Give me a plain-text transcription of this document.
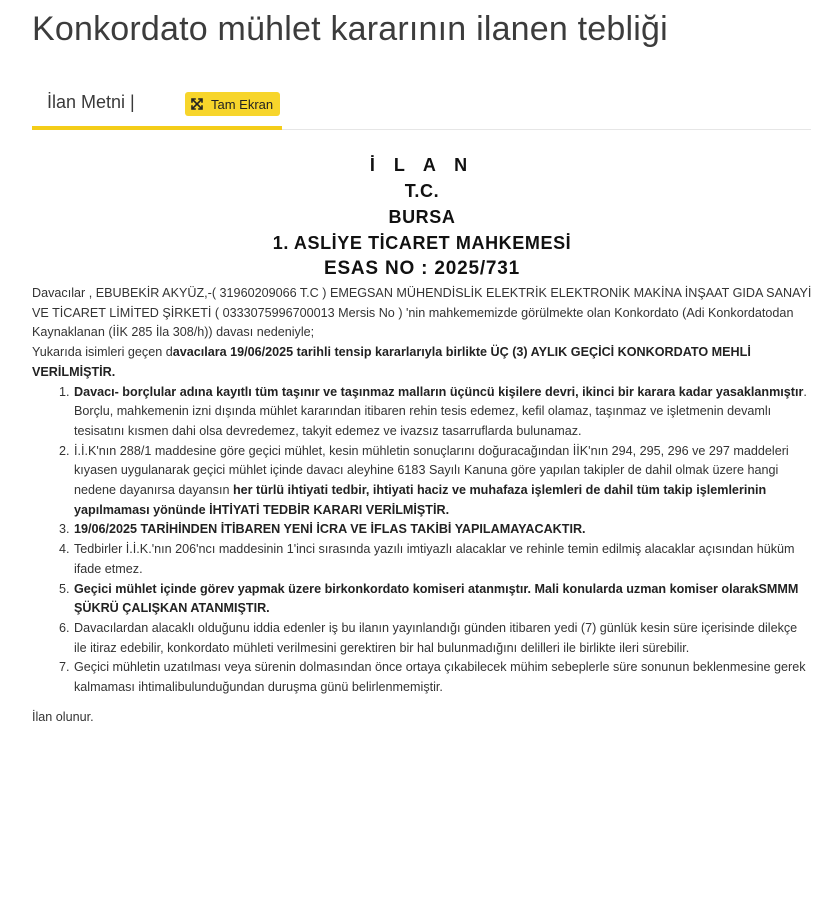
Konkordato mühlet kararının ilanen tebliği
İlan Metni |	Tam Ekran
İ L A N
T.C.
BURSA
1. ASLİYE TİCARET MAHKEMESİ
ESAS NO : 2025/731

Davacılar , EBUBEKİR AKYÜZ,-( 31960209066 T.C ) EMEGSAN MÜHENDİSLİK ELEKTRİK ELEKTRONİK MAKİNA İNŞAAT GIDA SANAYİ VE TİCARET LİMİTED ŞİRKETİ ( 0333075996700013 Mersis No ) 'nin mahkememizde görülmekte olan Konkordato (Adi Konkordatodan Kaynaklanan (İİK 285 İla 308/h)) davası nedeniyle;

Yukarıda isimleri geçen davacılara 19/06/2025 tarihli tensip kararlarıyla birlikte ÜÇ (3) AYLIK GEÇİCİ KONKORDATO MEHLİ VERİLMİŞTİR.

1. Davacı- borçlular adına kayıtlı tüm taşınır ve taşınmaz malların üçüncü kişilere devri, ikinci bir karara kadar yasaklanmıştır. Borçlu, mahkemenin izni dışında mühlet kararından itibaren rehin tesis edemez, kefil olamaz, taşınmaz ve işletmenin devamlı tesisatını kısmen dahi olsa devredemez, takyit edemez ve ivazsız tasarruflarda bulunamaz.
2. İ.İ.K'nın 288/1 maddesine göre geçici mühlet, kesin mühletin sonuçlarını doğuracağından İİK'nın 294, 295, 296 ve 297 maddeleri kıyasen uygulanarak geçici mühlet içinde davacı aleyhine 6183 Sayılı Kanuna göre yapılan takipler de dahil olmak üzere hangi nedene dayanırsa dayansın her türlü ihtiyati tedbir, ihtiyati haciz ve muhafaza işlemleri de dahil tüm takip işlemlerinin yapılmaması yönünde İHTİYATİ TEDBİR KARARI VERİLMİŞTİR.
3. 19/06/2025 TARİHİNDEN İTİBAREN YENİ İCRA VE İFLAS TAKİBİ YAPILAMAYACAKTIR.
4. Tedbirler İ.İ.K.'nın 206'ncı maddesinin 1'inci sırasında yazılı imtiyazlı alacaklar ve rehinle temin edilmiş alacaklar açısından hüküm ifade etmez.
5. Geçici mühlet içinde görev yapmak üzere birkonkordato komiseri atanmıştır. Mali konularda uzman komiser olarakSMMM ŞÜKRÜ ÇALIŞKAN ATANMIŞTIR.
6. Davacılardan alacaklı olduğunu iddia edenler iş bu ilanın yayınlandığı günden itibaren yedi (7) günlük kesin süre içerisinde dilekçe ile itiraz edebilir, konkordato mühleti verilmesini gerektiren bir hal bulunmadığını delilleri ile birlikte ileri sürebilir.
7. Geçici mühletin uzatılması veya sürenin dolmasından önce ortaya çıkabilecek mühim sebeplerle süre sonunun beklenmesine gerek kalmaması ihtimalibulunduğundan duruşma günü belirlenmemiştir.
İlan olunur.
